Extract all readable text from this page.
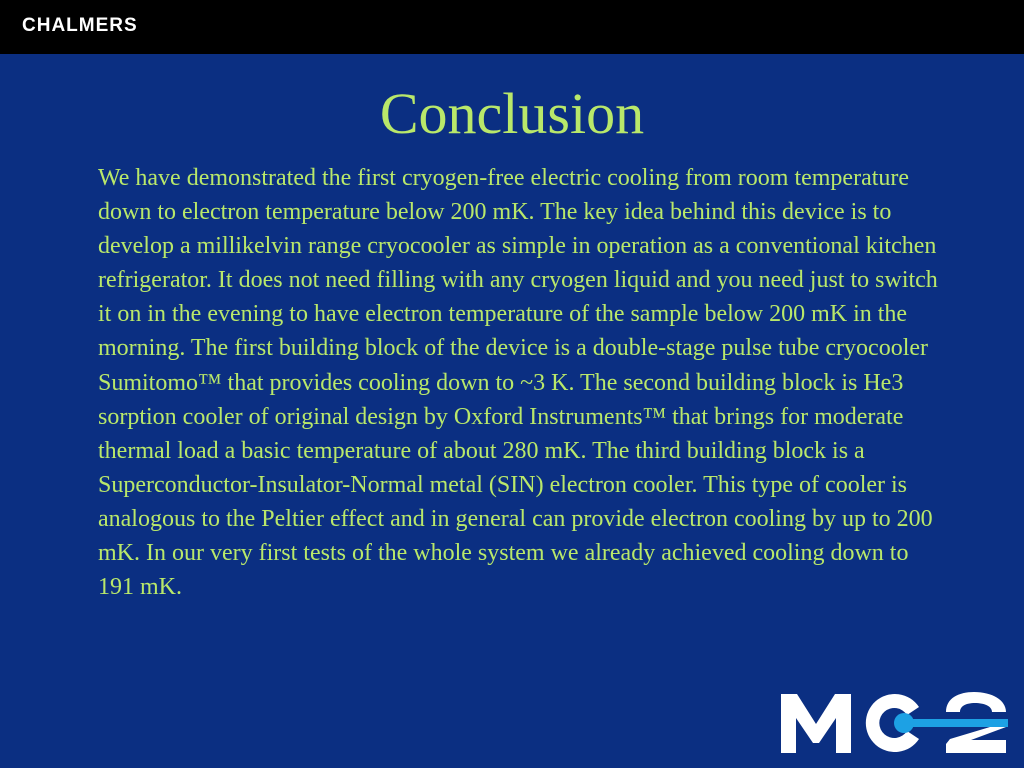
CHALMERS
Conclusion

We have demonstrated the first cryogen-free electric cooling from room temperature down to electron temperature below 200 mK. The key idea behind this device is to develop a millikelvin range cryocooler as simple in operation as a conventional kitchen refrigerator. It does not need filling with any cryogen liquid and you need just to switch it on in the evening to have electron temperature of the sample below 200 mK in the morning. The first building block of the device is a double-stage pulse tube cryocooler Sumitomo™ that provides cooling down to ~3 K. The second building block is He3 sorption cooler of original design by Oxford Instruments™ that brings for moderate thermal load a basic temperature of about 280 mK. The third building block is a Superconductor-Insulator-Normal metal (SIN) electron cooler. This type of cooler is analogous to the Peltier effect and in general can provide electron cooling by up to 200 mK. In our very first tests of the whole system we already achieved cooling down to 191 mK.
